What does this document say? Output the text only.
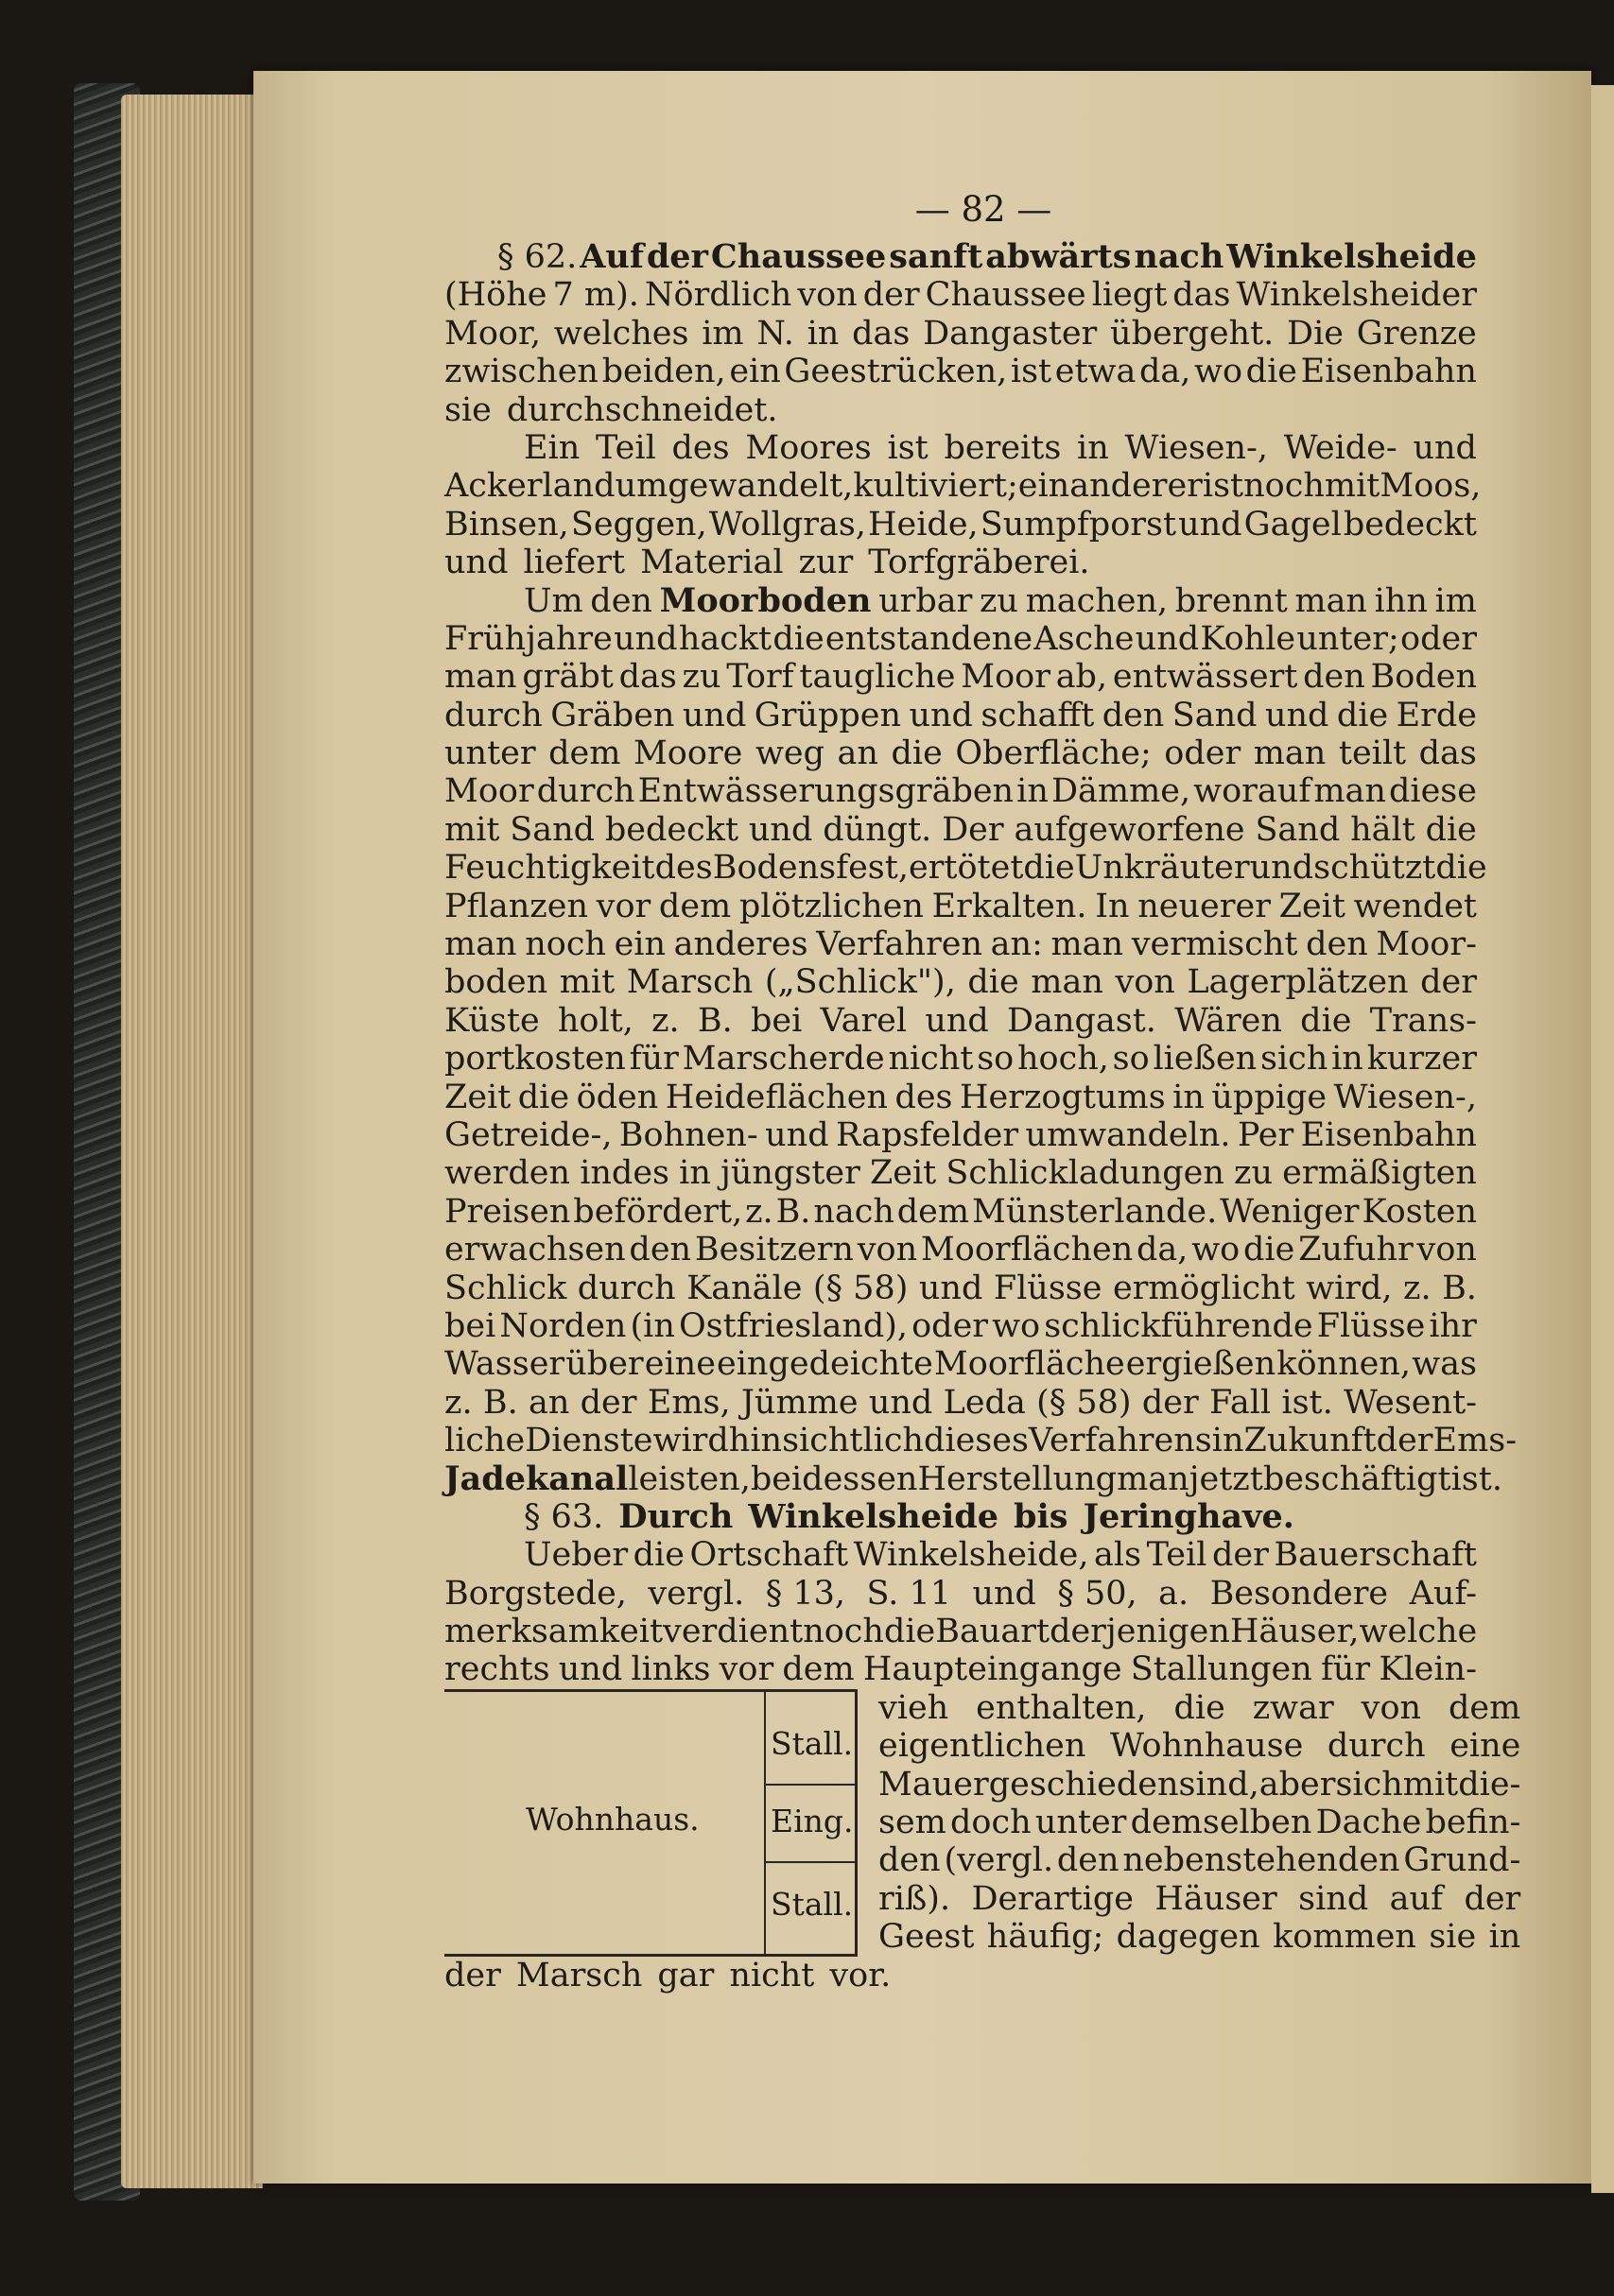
— 82 —
§ 62. Auf der Chaussee sanft abwärts nach Winkelsheide
(Höhe 7 m). Nördlich von der Chaussee liegt das Winkelsheider
Moor, welches im N. in das Dangaster übergeht. Die Grenze
zwischen beiden, ein Geestrücken, ist etwa da, wo die Eisenbahn
sie durchschneidet.
Ein Teil des Moores ist bereits in Wiesen-, Weide- und
Ackerland umgewandelt, kultiviert; ein anderer ist noch mit Moos,
Binsen, Seggen, Wollgras, Heide, Sumpfporst und Gagel bedeckt
und liefert Material zur Torfgräberei.
Um den Moorboden urbar zu machen, brennt man ihn im
Frühjahre und hackt die entstandene Asche und Kohle unter; oder
man gräbt das zu Torf taugliche Moor ab, entwässert den Boden
durch Gräben und Grüppen und schafft den Sand und die Erde
unter dem Moore weg an die Oberfläche; oder man teilt das
Moor durch Entwässerungsgräben in Dämme, worauf man diese
mit Sand bedeckt und düngt. Der aufgeworfene Sand hält die
Feuchtigkeit des Bodens fest, ertötet die Unkräuter und schützt die
Pflanzen vor dem plötzlichen Erkalten. In neuerer Zeit wendet
man noch ein anderes Verfahren an: man vermischt den Moor-
boden mit Marsch („Schlick"), die man von Lagerplätzen der
Küste holt, z. B. bei Varel und Dangast. Wären die Trans-
portkosten für Marscherde nicht so hoch, so ließen sich in kurzer
Zeit die öden Heideflächen des Herzogtums in üppige Wiesen-,
Getreide-, Bohnen- und Rapsfelder umwandeln. Per Eisenbahn
werden indes in jüngster Zeit Schlickladungen zu ermäßigten
Preisen befördert, z. B. nach dem Münsterlande. Weniger Kosten
erwachsen den Besitzern von Moorflächen da, wo die Zufuhr von
Schlick durch Kanäle (§ 58) und Flüsse ermöglicht wird, z. B.
bei Norden (in Ostfriesland), oder wo schlickführende Flüsse ihr
Wasser über eine eingedeichte Moorfläche ergießen können, was
z. B. an der Ems, Jümme und Leda (§ 58) der Fall ist. Wesent-
liche Dienste wird hinsichtlich dieses Verfahrens in Zukunft der Ems-
Jadekanal leisten, bei dessen Herstellung man jetzt beschäftigt ist.
§ 63. Durch Winkelsheide bis Jeringhave.
Ueber die Ortschaft Winkelsheide, als Teil der Bauerschaft
Borgstede, vergl. § 13, S. 11 und § 50, a. Besondere Auf-
merksamkeit verdient noch die Bauart derjenigen Häuser, welche
rechts und links vor dem Haupteingange Stallungen für Klein-
Wohnhaus.
Stall.
Eing.
Stall.
vieh enthalten, die zwar von dem
eigentlichen Wohnhause durch eine
Mauer geschieden sind, aber sich mit die-
sem doch unter demselben Dache befin-
den (vergl. den nebenstehenden Grund-
riß). Derartige Häuser sind auf der
Geest häufig; dagegen kommen sie in
der Marsch gar nicht vor.
